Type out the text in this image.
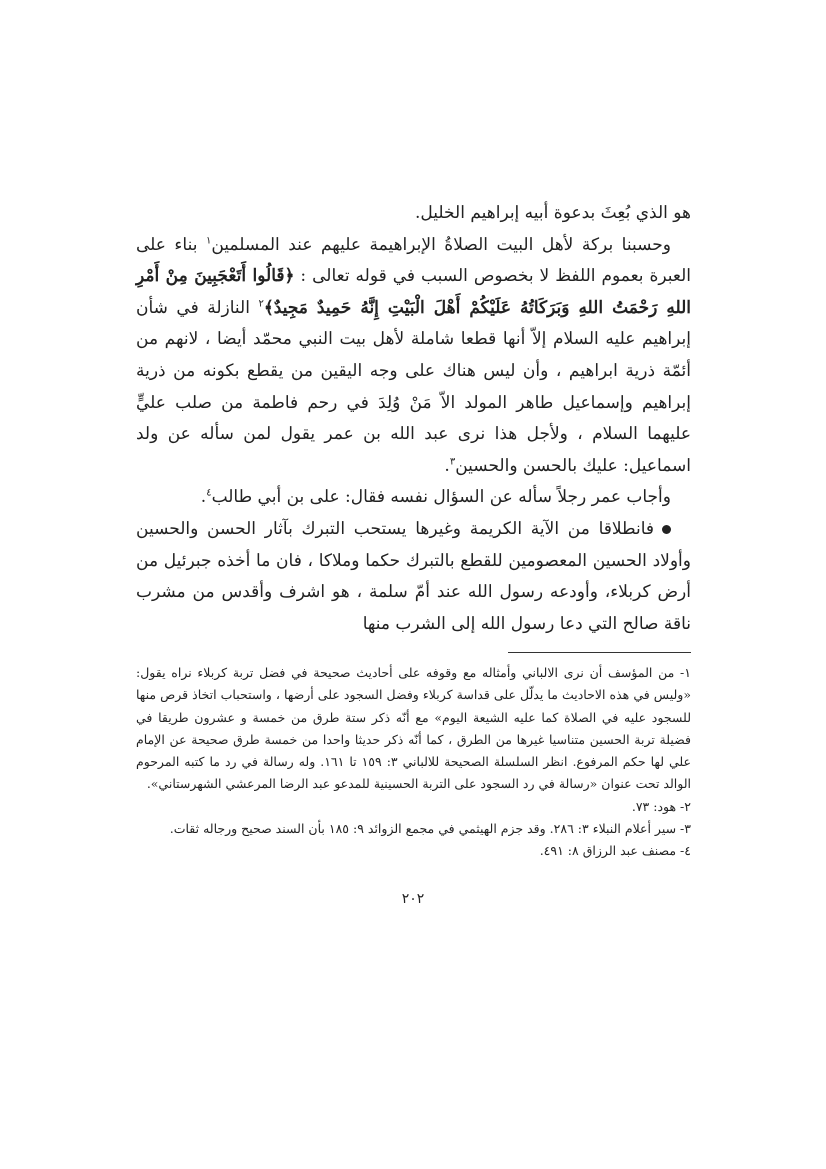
هو الذي بُعِثَ بدعوة أبيه إبراهيم الخليل.

وحسبنا بركة لأهل البيت الصلاةُ الإبراهيمة عليهم عند المسلمين$^١$ بناء على العبرة بعموم اللفظ لا بخصوص السبب في قوله تعالى : ﴿قَالُوا أَتَعْجَبِينَ مِنْ أَمْرِ اللهِ رَحْمَتُ اللهِ وَبَرَكَاتُهُ عَلَيْكُمْ أَهْلَ الْبَيْتِ إِنَّهُ حَمِيدٌ مَجِيدٌ﴾$^٢$ النازلة في شأن إبراهيم عليه السلام إلاّ أنها قطعا شاملة لأهل بيت النبي محمّد أيضا ، لانهم من أئمّة ذرية ابراهيم ، وأن ليس هناك على وجه اليقين من يقطع بكونه من ذرية إبراهيم وإسماعيل طاهر المولد الاّ مَنْ وُلِدَ في رحم فاطمة من صلب عليٍّ عليهما السلام ، ولأجل هذا نرى عبد الله بن عمر يقول لمن سأله عن ولد اسماعيل: عليك بالحسن والحسين$^٣$.

وأجاب عمر رجلاً سأله عن السؤال نفسه فقال: على بن أبي طالب$^٤$.

فانطلاقا من الآية الكريمة وغيرها يستحب التبرك بآثار الحسن والحسين وأولاد الحسين المعصومين للقطع بالتبرك حكما وملاكا ، فان ما أخذه جبرئيل من أرض كربلاء، وأودعه رسول الله عند أمّ سلمة ، هو اشرف وأقدس من مشرب ناقة صالح التي دعا رسول الله إلى الشرب منها

١- من المؤسف أن نرى الالباني وأمثاله مع وقوفه على أحاديث صحيحة في فضل تربة كربلاء نراه يقول: «وليس في هذه الاحاديث ما يدلّل على قداسة كربلاء وفضل السجود على أرضها ، واستحباب اتخاذ قرص منها للسجود عليه في الصلاة كما عليه الشيعة اليوم» مع أنّه ذكر ستة طرق من خمسة و عشرون طريقا في فضيلة تربة الحسين متناسيا غيرها من الطرق ، كما أنّه ذكر حديثا واحدا من خمسة طرق صحيحة عن الإمام علي لها حكم المرفوع. انظر السلسلة الصحيحة للالباني ٣: ١٥٩ تا ١٦١. وله رسالة في رد ما كتبه المرحوم الوالد تحت عنوان «رسالة في رد السجود على التربة الحسينية للمدعو عبد الرضا المرعشي الشهرستاني».

٢- هود: ٧٣.

٣- سير أعلام النبلاء ٣: ٢٨٦. وقد جزم الهيثمي في مجمع الزوائد ٩: ١٨٥ بأن السند صحيح ورجاله ثقات.

٤- مصنف عبد الرزاق ٨: ٤٩١.

٢٠٢
